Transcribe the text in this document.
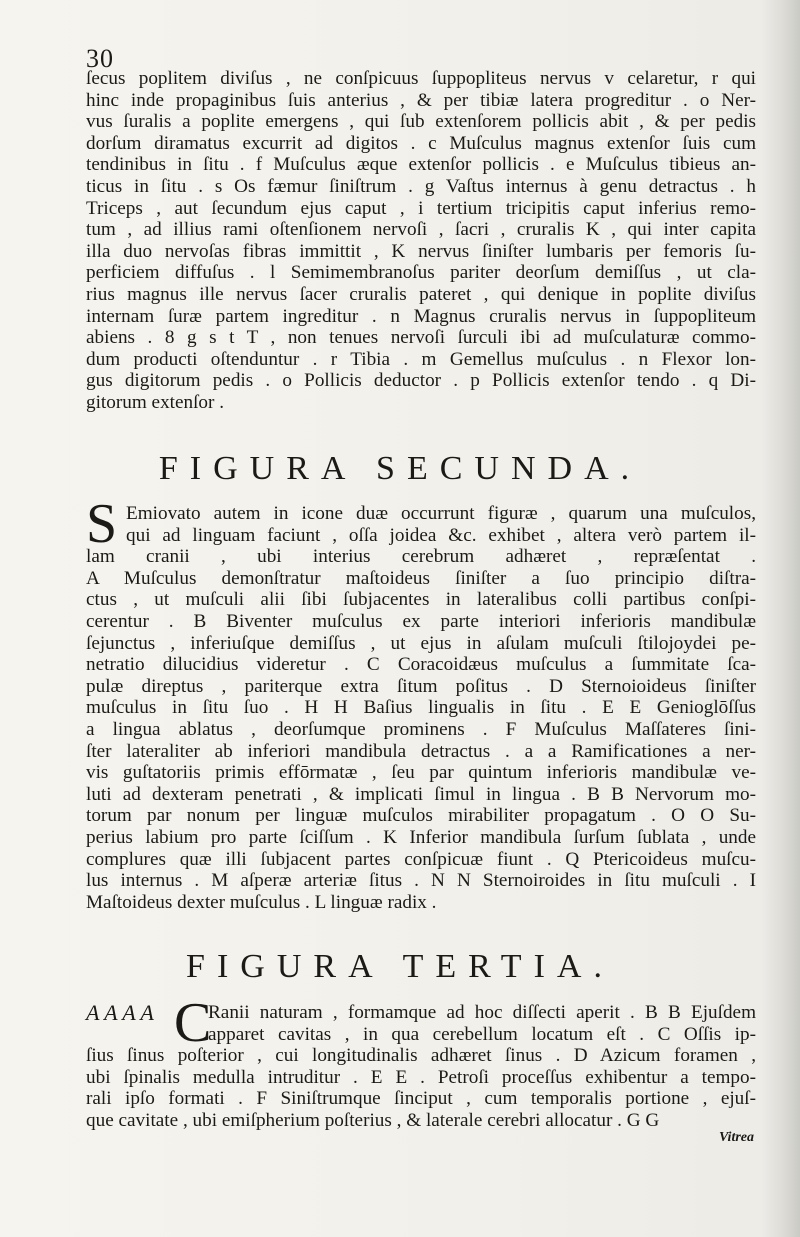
30
ſecus poplitem diviſus , ne conſpicuus ſuppopliteus nervus v celaretur, r qui
hinc inde propaginibus ſuis anterius , & per tibiæ latera progreditur . o Ner-
vus ſuralis a poplite emergens , qui ſub extenſorem pollicis abit , & per pedis
dorſum diramatus excurrit ad digitos . c Muſculus magnus extenſor ſuis cum
tendinibus in ſitu . f Muſculus æque extenſor pollicis . e Muſculus tibieus an-
ticus in ſitu . s Os fæmur ſiniſtrum . g Vaſtus internus à genu detractus . h
Triceps , aut ſecundum ejus caput , i tertium tricipitis caput inferius remo-
tum , ad illius rami oſtenſionem nervoſi , ſacri , cruralis K , qui inter capita
illa duo nervoſas fibras immittit , K nervus ſiniſter lumbaris per femoris ſu-
perficiem diffuſus . l Semimembranoſus pariter deorſum demiſſus , ut cla-
rius magnus ille nervus ſacer cruralis pateret , qui denique in poplite diviſus
internam ſuræ partem ingreditur . n Magnus cruralis nervus in ſuppopliteum
abiens . 8 g s t T , non tenues nervoſi ſurculi ibi ad muſculaturæ commo-
dum producti oſtenduntur . r Tibia . m Gemellus muſculus . n Flexor lon-
gus digitorum pedis . o Pollicis deductor . p Pollicis extenſor tendo . q Di-
gitorum extenſor .
FIGURA SECUNDA.
S Emiovato autem in icone duæ occurrunt figuræ , quarum una muſculos,
qui ad linguam faciunt , oſſa joidea &c. exhibet , altera verò partem il-
lam cranii , ubi interius cerebrum adhæret , repræſentat .
A Muſculus demonſtratur maſtoideus ſiniſter a ſuo principio diſtra-
ctus , ut muſculi alii ſibi ſubjacentes in lateralibus colli partibus conſpi-
cerentur . B Biventer muſculus ex parte interiori inferioris mandibulæ
ſejunctus , inferiuſque demiſſus , ut ejus in aſulam muſculi ſtilojoydei pe-
netratio dilucidius videretur . C Coracoidæus muſculus a ſummitate ſca-
pulæ direptus , pariterque extra ſitum poſitus . D Sternoioideus ſiniſter
muſculus in ſitu ſuo . H H Baſius lingualis in ſitu . E E Genioglōſſus
a lingua ablatus , deorſumque prominens . F Muſculus Maſſateres ſini-
ſter lateraliter ab inferiori mandibula detractus . a a Ramificationes a ner-
vis guſtatoriis primis effōrmatæ , ſeu par quintum inferioris mandibulæ ve-
luti ad dexteram penetrati , & implicati ſimul in lingua . B B Nervorum mo-
torum par nonum per linguæ muſculos mirabiliter propagatum . O O Su-
perius labium pro parte ſciſſum . K Inferior mandibula ſurſum ſublata , unde
complures quæ illi ſubjacent partes conſpicuæ fiunt . Q Ptericoideus muſcu-
lus internus . M aſperæ arteriæ ſitus . N N Sternoiroides in ſitu muſculi . I
Maſtoideus dexter muſculus . L linguæ radix .
FIGURA TERTIA.
A A A A C
Ranii naturam , formamque ad hoc diſſecti aperit . B B Ejuſdem
apparet cavitas , in qua cerebellum locatum eſt . C Oſſis ip-
ſius ſinus poſterior , cui longitudinalis adhæret ſinus . D Azicum foramen ,
ubi ſpinalis medulla intruditur . E E . Petroſi proceſſus exhibentur a tempo-
rali ipſo formati . F Siniſtrumque ſinciput , cum temporalis portione , ejuſ-
que cavitate , ubi emiſpherium poſterius , & laterale cerebri allocatur . G G
Vitrea
